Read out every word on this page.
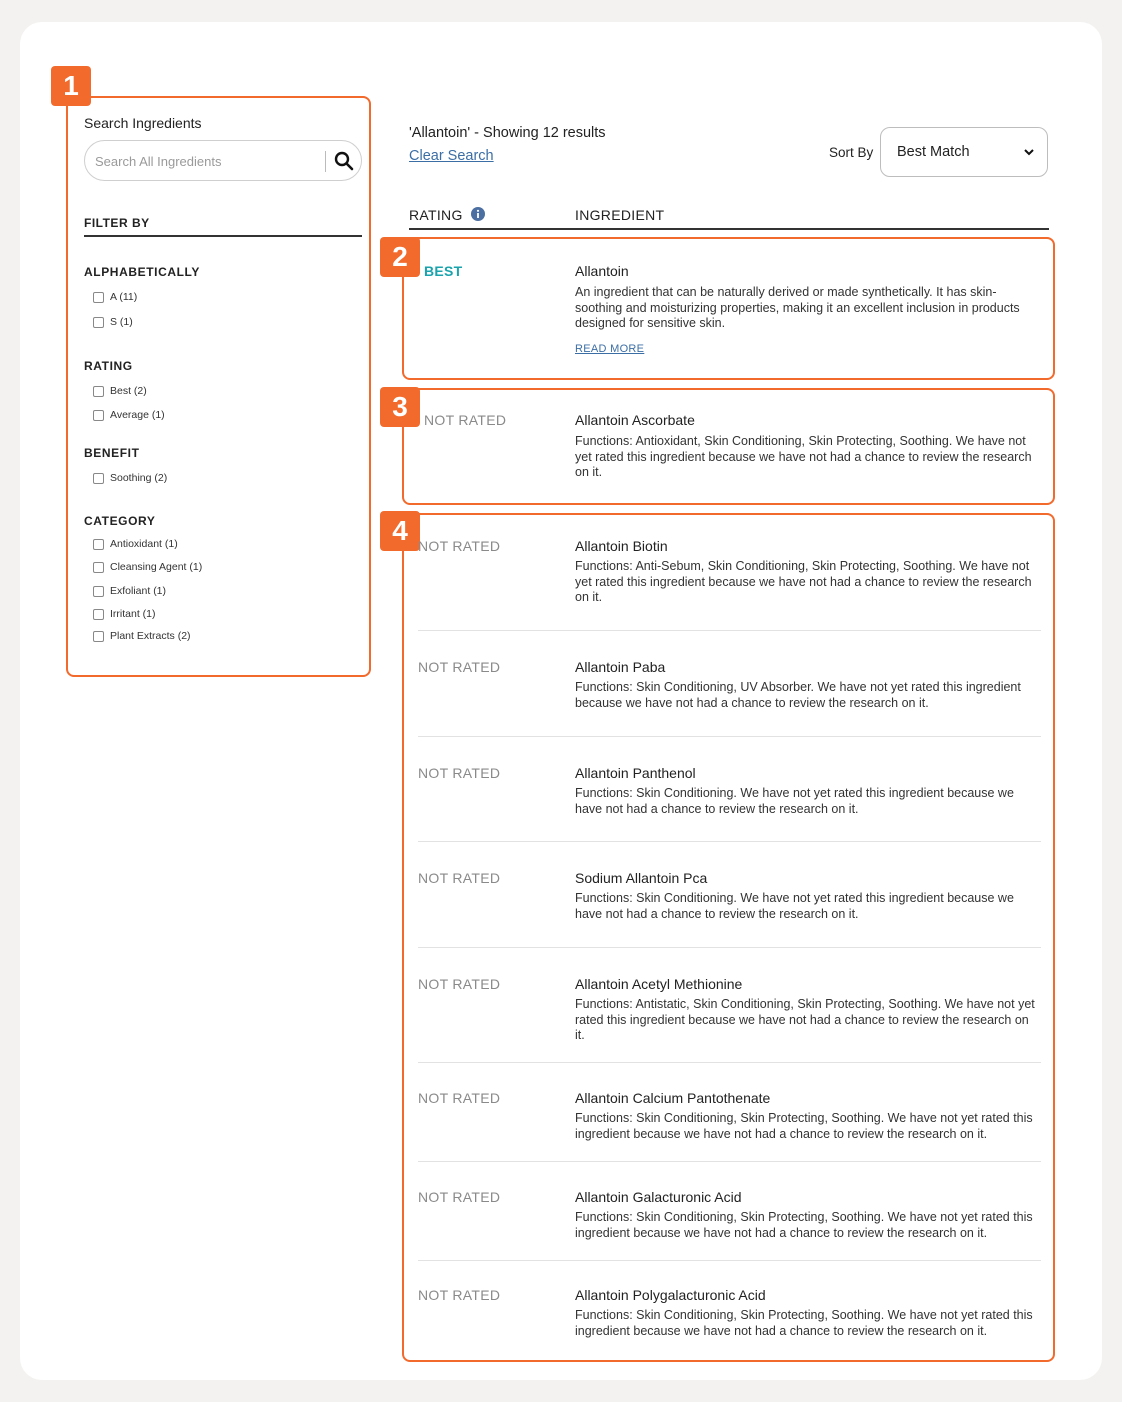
1
2
3
4
Search Ingredients
Search All Ingredients
FILTER BY
ALPHABETICALLY
A (11)
S (1)
RATING
Best (2)
Average (1)
BENEFIT
Soothing (2)
CATEGORY
Antioxidant (1)
Cleansing Agent (1)
Exfoliant (1)
Irritant (1)
Plant Extracts (2)
'Allantoin' - Showing 12 results
Clear Search	Sort By Best Match
RATING	INGREDIENT
BEST	Allantoin
An ingredient that can be naturally derived or made synthetically. It has skin-soothing and moisturizing properties, making it an excellent inclusion in products designed for sensitive skin.
READ MORE
NOT RATED	Allantoin Ascorbate
Functions: Antioxidant, Skin Conditioning, Skin Protecting, Soothing. We have not yet rated this ingredient because we have not had a chance to review the research on it.
NOT RATED	Allantoin Biotin
Functions: Anti-Sebum, Skin Conditioning, Skin Protecting, Soothing. We have not yet rated this ingredient because we have not had a chance to review the research on it.
NOT RATED	Allantoin Paba
Functions: Skin Conditioning, UV Absorber. We have not yet rated this ingredient because we have not had a chance to review the research on it.
NOT RATED	Allantoin Panthenol
Functions: Skin Conditioning. We have not yet rated this ingredient because we have not had a chance to review the research on it.
NOT RATED	Sodium Allantoin Pca
Functions: Skin Conditioning. We have not yet rated this ingredient because we have not had a chance to review the research on it.
NOT RATED	Allantoin Acetyl Methionine
Functions: Antistatic, Skin Conditioning, Skin Protecting, Soothing. We have not yet rated this ingredient because we have not had a chance to review the research on it.
NOT RATED	Allantoin Calcium Pantothenate
Functions: Skin Conditioning, Skin Protecting, Soothing. We have not yet rated this ingredient because we have not had a chance to review the research on it.
NOT RATED	Allantoin Galacturonic Acid
Functions: Skin Conditioning, Skin Protecting, Soothing. We have not yet rated this ingredient because we have not had a chance to review the research on it.
NOT RATED	Allantoin Polygalacturonic Acid
Functions: Skin Conditioning, Skin Protecting, Soothing. We have not yet rated this ingredient because we have not had a chance to review the research on it.
